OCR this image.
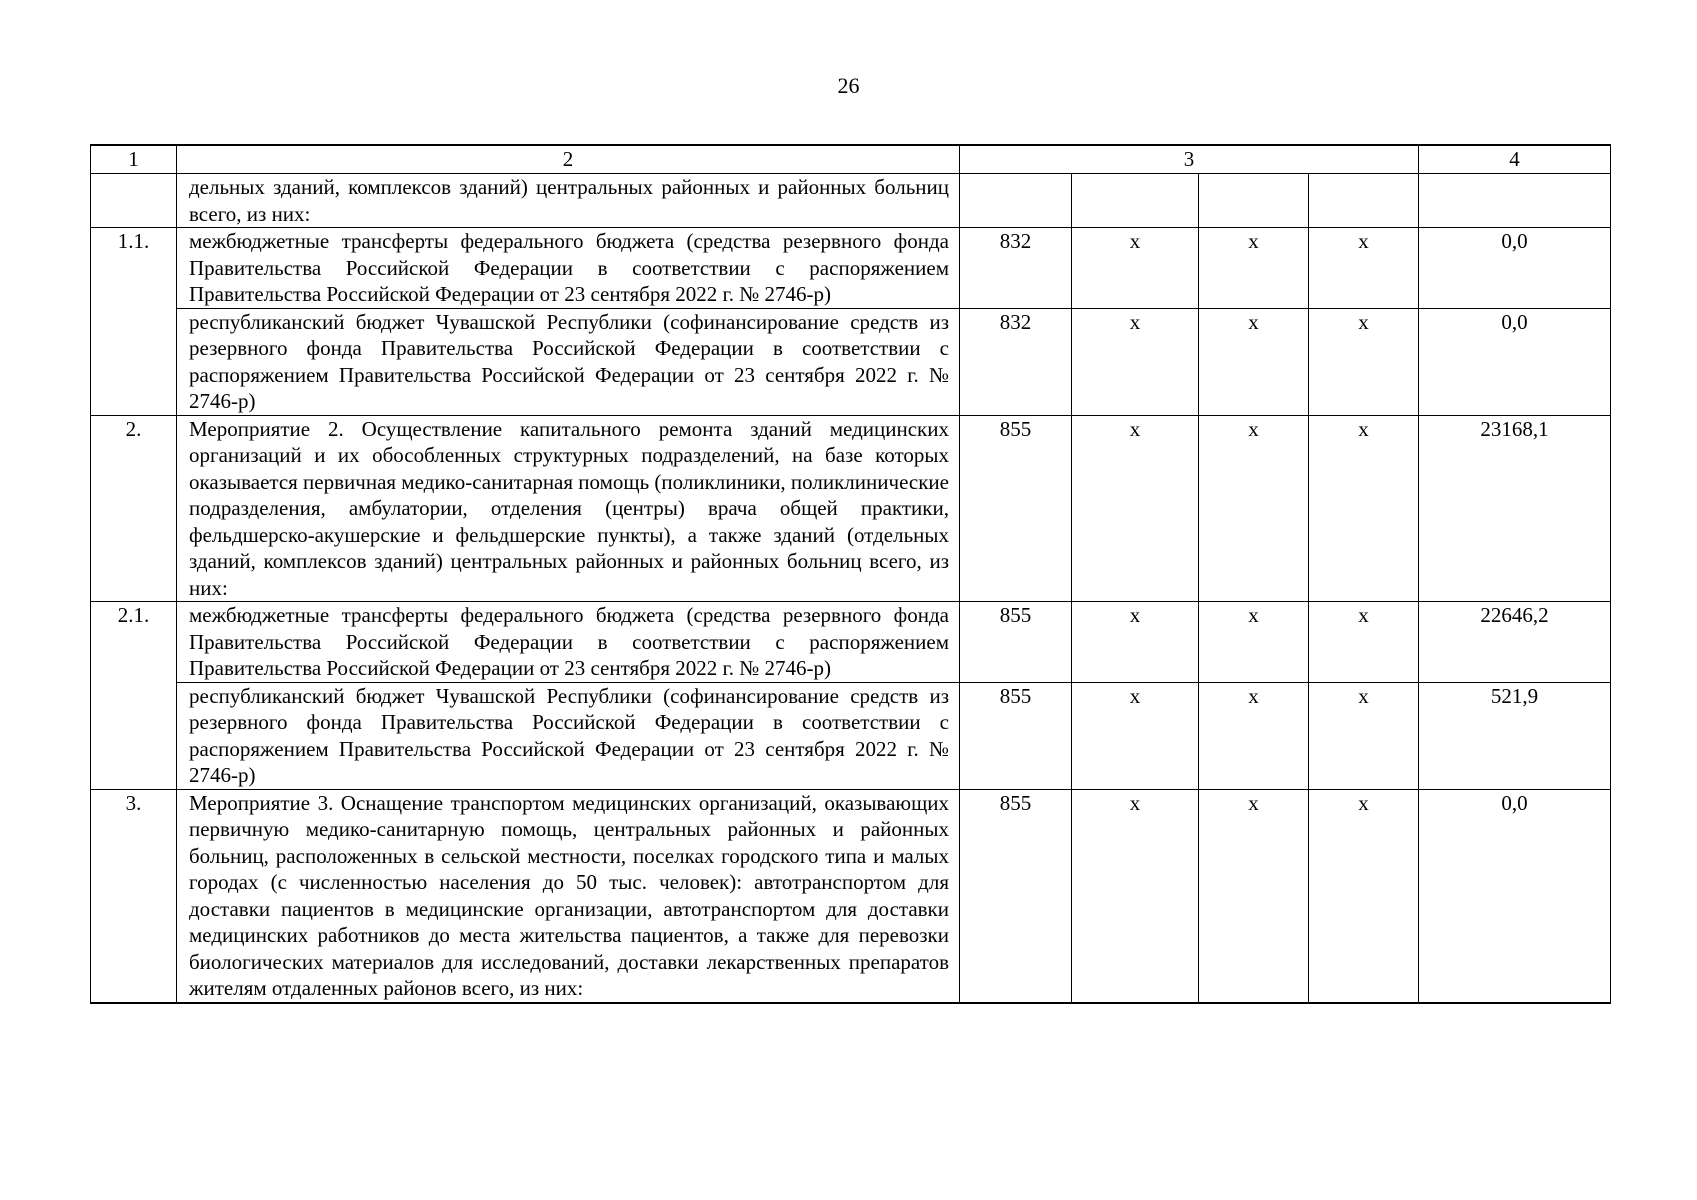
26
1	2	3				4
	дельных зданий, комплексов зданий) центральных районных и районных больниц всего, из них:					
1.1.	межбюджетные трансферты федерального бюджета (средства резервного фонда Правительства Российской Федерации в соответствии с распоряжением Правительства Российской Федерации от 23 сентября 2022 г. № 2746-р)	832	x	x	x	0,0
	республиканский бюджет Чувашской Республики (софинансирование средств из резервного фонда Правительства Российской Федерации в соответствии с распоряжением Правительства Российской Федерации от 23 сентября 2022 г. № 2746-р)	832	x	x	x	0,0
2.	Мероприятие 2. Осуществление капитального ремонта зданий медицинских организаций и их обособленных структурных подразделений, на базе которых оказывается первичная медико-санитарная помощь (поликлиники, поликлинические подразделения, амбулатории, отделения (центры) врача общей практики, фельдшерско-акушерские и фельдшерские пункты), а также зданий (отдельных зданий, комплексов зданий) центральных районных и районных больниц всего, из них:	855	x	x	x	23168,1
2.1.	межбюджетные трансферты федерального бюджета (средства резервного фонда Правительства Российской Федерации в соответствии с распоряжением Правительства Российской Федерации от 23 сентября 2022 г. № 2746-р)	855	x	x	x	22646,2
	республиканский бюджет Чувашской Республики (софинансирование средств из резервного фонда Правительства Российской Федерации в соответствии с распоряжением Правительства Российской Федерации от 23 сентября 2022 г. № 2746-р)	855	x	x	x	521,9
3.	Мероприятие 3. Оснащение транспортом медицинских организаций, оказывающих первичную медико-санитарную помощь, центральных районных и районных больниц, расположенных в сельской местности, поселках городского типа и малых городах (с численностью населения до 50 тыс. человек): автотранспортом для доставки пациентов в медицинские организации, автотранспортом для доставки медицинских работников до места жительства пациентов, а также для перевозки биологических материалов для исследований, доставки лекарственных препаратов жителям отдаленных районов всего, из них:	855	x	x	x	0,0
